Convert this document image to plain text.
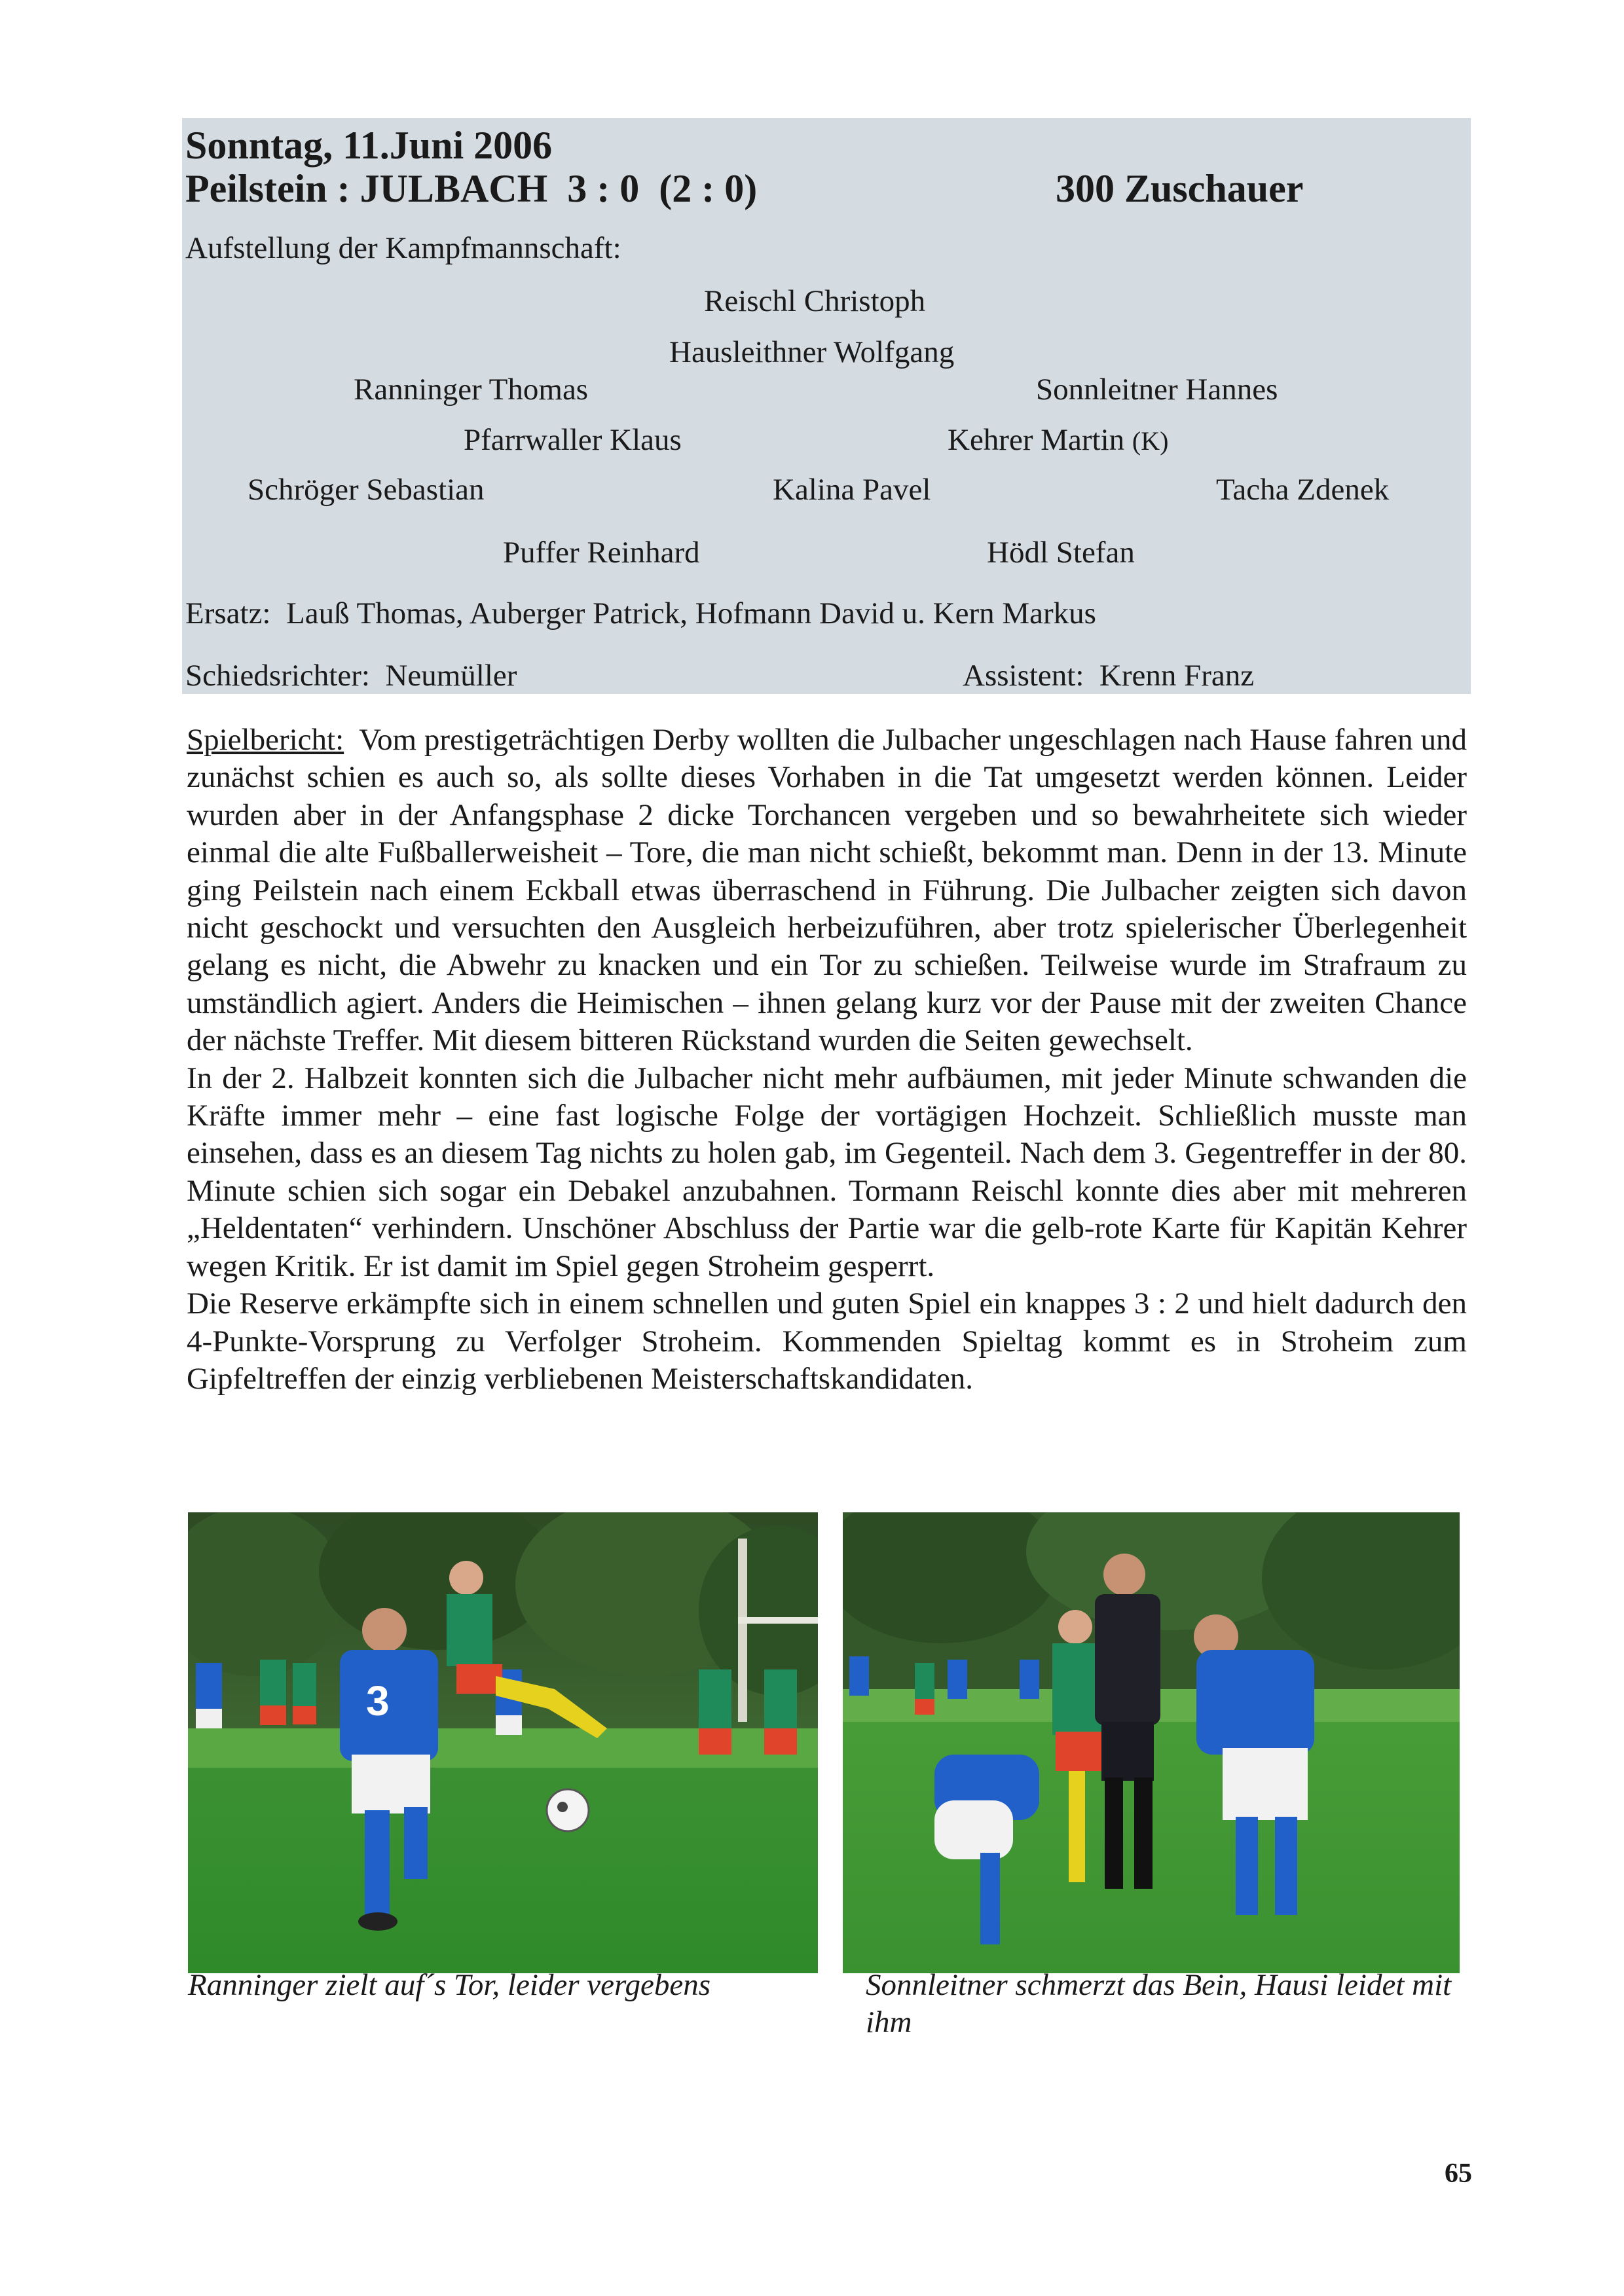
Sonntag, 11.Juni 2006
Peilstein : JULBACH  3 : 0  (2 : 0)	300 Zuschauer
Aufstellung der Kampfmannschaft:
Reischl Christoph
Hausleithner Wolfgang
Ranninger Thomas	Sonnleitner Hannes
Pfarrwaller Klaus	Kehrer Martin (K)
Schröger Sebastian	Kalina Pavel	Tacha Zdenek
Puffer Reinhard	Hödl Stefan
Ersatz: Lauß Thomas, Auberger Patrick, Hofmann David u. Kern Markus
Schiedsrichter: Neumüller	Assistent: Krenn Franz

Spielbericht: Vom prestigeträchtigen Derby wollten die Julbacher ungeschlagen nach Hause fahren und zunächst schien es auch so, als sollte dieses Vorhaben in die Tat umgesetzt werden können. Leider wurden aber in der Anfangsphase 2 dicke Torchancen vergeben und so bewahrheitete sich wieder einmal die alte Fußballerweisheit – Tore, die man nicht schießt, bekommt man. Denn in der 13. Minute ging Peilstein nach einem Eckball etwas überraschend in Führung. Die Julbacher zeigten sich davon nicht geschockt und versuchten den Ausgleich herbeizuführen, aber trotz spielerischer Überlegenheit gelang es nicht, die Abwehr zu knacken und ein Tor zu schießen. Teilweise wurde im Strafraum zu umständlich agiert. Anders die Heimischen – ihnen gelang kurz vor der Pause mit der zweiten Chance der nächste Treffer. Mit diesem bitteren Rückstand wurden die Seiten gewechselt.

In der 2. Halbzeit konnten sich die Julbacher nicht mehr aufbäumen, mit jeder Minute schwanden die Kräfte immer mehr – eine fast logische Folge der vortägigen Hochzeit. Schließlich musste man einsehen, dass es an diesem Tag nichts zu holen gab, im Gegenteil. Nach dem 3. Gegentreffer in der 80. Minute schien sich sogar ein Debakel anzubahnen. Tormann Reischl konnte dies aber mit mehreren „Heldentaten“ verhindern. Unschöner Abschluss der Partie war die gelb-rote Karte für Kapitän Kehrer wegen Kritik. Er ist damit im Spiel gegen Stroheim gesperrt.

Die Reserve erkämpfte sich in einem schnellen und guten Spiel ein knappes 3 : 2 und hielt dadurch den 4-Punkte-Vorsprung zu Verfolger Stroheim. Kommenden Spieltag kommt es in Stroheim zum Gipfeltreffen der einzig verbliebenen Meisterschaftskandidaten.

3
Ranninger zielt auf´s Tor, leider vergebens	Sonnleitner schmerzt das Bein, Hausi leidet mit ihm
65
